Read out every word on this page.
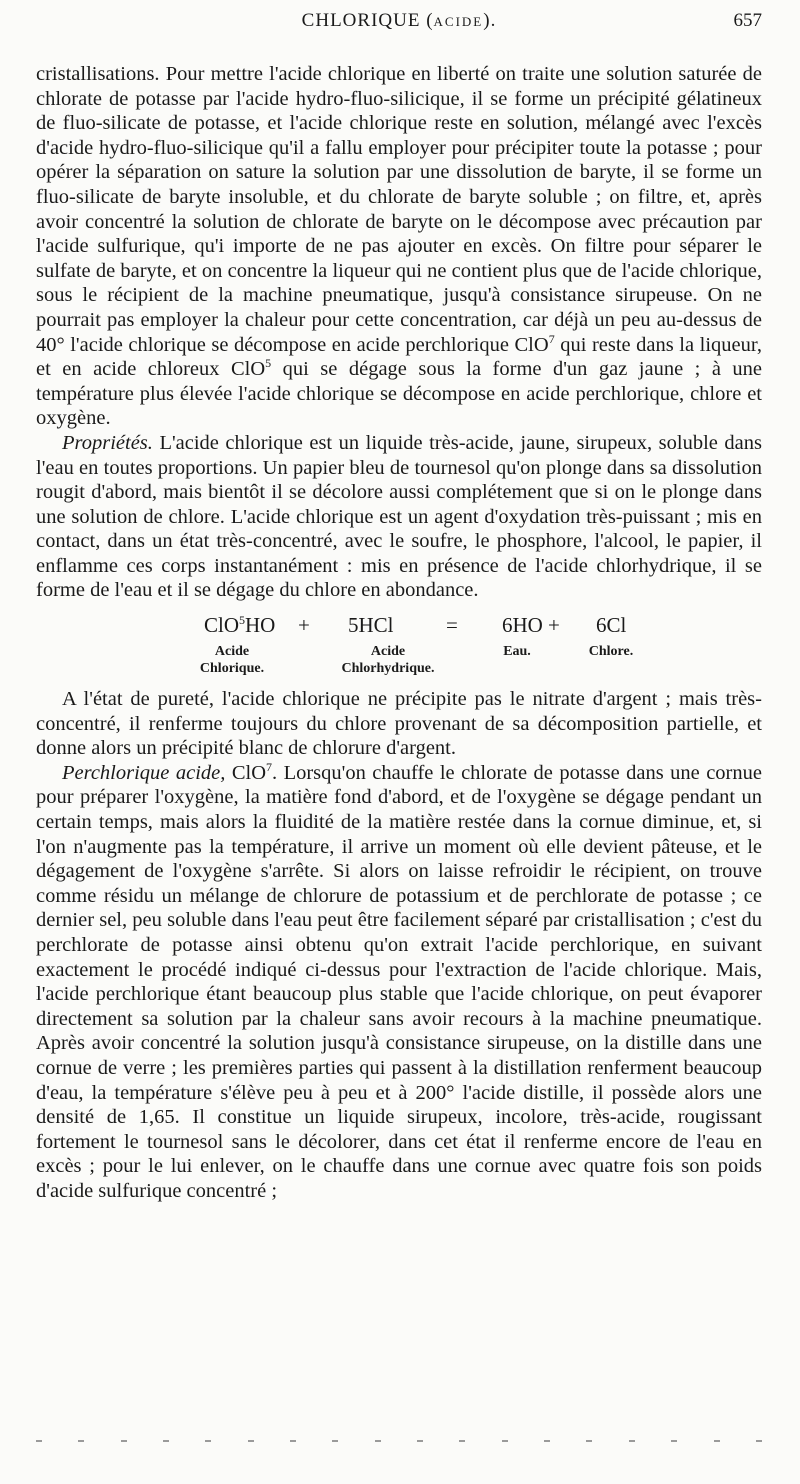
CHLORIQUE (ACIDE).	657

cristallisations. Pour mettre l'acide chlorique en liberté on traite une solution saturée de chlorate de potasse par l'acide hydro-fluo-silicique, il se forme un précipité gélatineux de fluo-silicate de potasse, et l'acide chlorique reste en solution, mélangé avec l'excès d'acide hydro-fluo-silicique qu'il a fallu employer pour précipiter toute la potasse ; pour opérer la séparation on sature la solution par une dissolution de baryte, il se forme un fluo-silicate de baryte insoluble, et du chlorate de baryte soluble ; on filtre, et, après avoir concentré la solution de chlorate de baryte on le décompose avec précaution par l'acide sulfurique, qu'i importe de ne pas ajouter en excès. On filtre pour séparer le sulfate de baryte, et on concentre la liqueur qui ne contient plus que de l'acide chlorique, sous le récipient de la machine pneumatique, jusqu'à consistance sirupeuse. On ne pourrait pas employer la chaleur pour cette concentration, car déjà un peu au-dessus de 40° l'acide chlorique se décompose en acide perchlorique ClO$^7$ qui reste dans la liqueur, et en acide chloreux ClO$^5$ qui se dégage sous la forme d'un gaz jaune ; à une température plus élevée l'acide chlorique se décompose en acide perchlorique, chlore et oxygène.

Propriétés. L'acide chlorique est un liquide très-acide, jaune, sirupeux, soluble dans l'eau en toutes proportions. Un papier bleu de tournesol qu'on plonge dans sa dissolution rougit d'abord, mais bientôt il se décolore aussi complétement que si on le plonge dans une solution de chlore. L'acide chlorique est un agent d'oxydation très-puissant ; mis en contact, dans un état très-concentré, avec le soufre, le phosphore, l'alcool, le papier, il enflamme ces corps instantanément : mis en présence de l'acide chlorhydrique, il se forme de l'eau et il se dégage du chlore en abondance.

ClO$^5$HO + 5HCl = 6HO + 6Cl
Acide
Chlorique.
Acide
Chlorhydrique.
Eau.	Chlore.

A l'état de pureté, l'acide chlorique ne précipite pas le nitrate d'argent ; mais très-concentré, il renferme toujours du chlore provenant de sa décomposition partielle, et donne alors un précipité blanc de chlorure d'argent.

Perchlorique acide, ClO$^7$. Lorsqu'on chauffe le chlorate de potasse dans une cornue pour préparer l'oxygène, la matière fond d'abord, et de l'oxygène se dégage pendant un certain temps, mais alors la fluidité de la matière restée dans la cornue diminue, et, si l'on n'augmente pas la température, il arrive un moment où elle devient pâteuse, et le dégagement de l'oxygène s'arrête. Si alors on laisse refroidir le récipient, on trouve comme résidu un mélange de chlorure de potassium et de perchlorate de potasse ; ce dernier sel, peu soluble dans l'eau peut être facilement séparé par cristallisation ; c'est du perchlorate de potasse ainsi obtenu qu'on extrait l'acide perchlorique, en suivant exactement le procédé indiqué ci-dessus pour l'extraction de l'acide chlorique. Mais, l'acide perchlorique étant beaucoup plus stable que l'acide chlorique, on peut évaporer directement sa solution par la chaleur sans avoir recours à la machine pneumatique. Après avoir concentré la solution jusqu'à consistance sirupeuse, on la distille dans une cornue de verre ; les premières parties qui passent à la distillation renferment beaucoup d'eau, la température s'élève peu à peu et à 200° l'acide distille, il possède alors une densité de 1,65. Il constitue un liquide sirupeux, incolore, très-acide, rougissant fortement le tournesol sans le décolorer, dans cet état il renferme encore de l'eau en excès ; pour le lui enlever, on le chauffe dans une cornue avec quatre fois son poids d'acide sulfurique concentré ;
